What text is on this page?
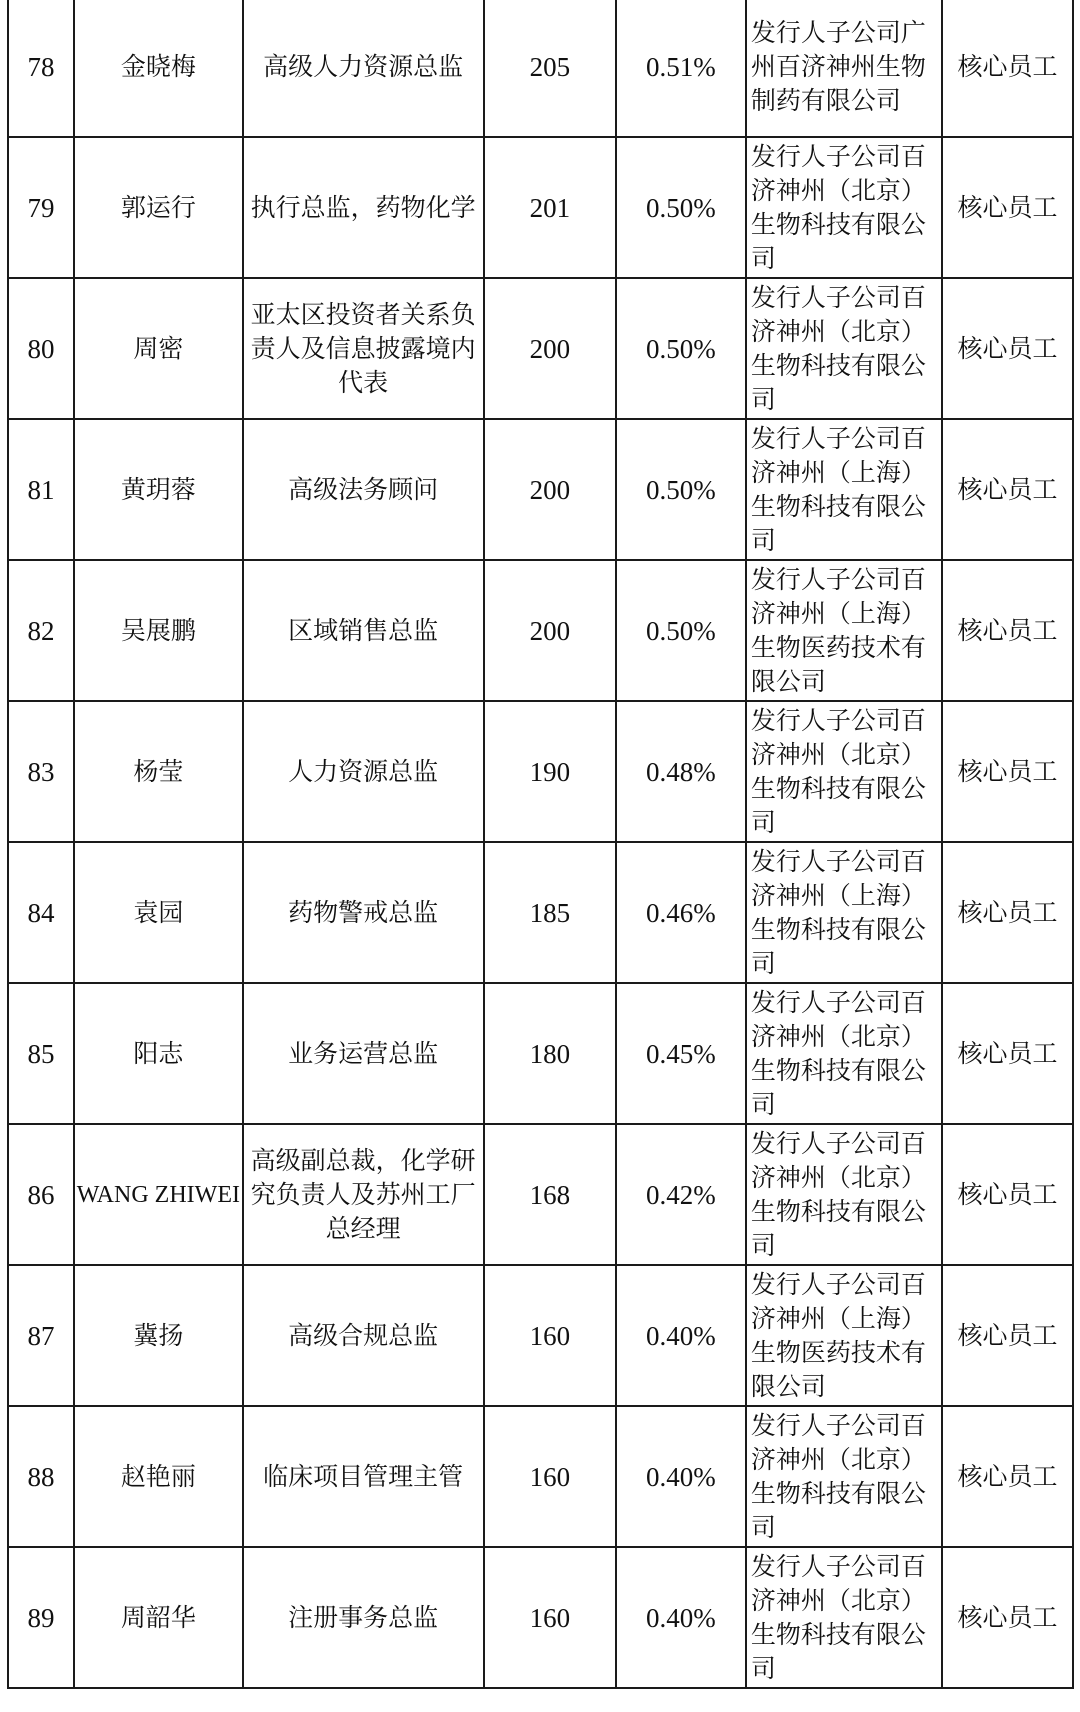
78	金晓梅	高级人力资源总监	205	0.51%	发行人子公司广州百济神州生物制药有限公司	核心员工
79	郭运行	执行总监，药物化学	201	0.50%	发行人子公司百济神州（北京）生物科技有限公司	核心员工
80	周密	亚太区投资者关系负责人及信息披露境内代表	200	0.50%	发行人子公司百济神州（北京）生物科技有限公司	核心员工
81	黄玥蓉	高级法务顾问	200	0.50%	发行人子公司百济神州（上海）生物科技有限公司	核心员工
82	吴展鹏	区域销售总监	200	0.50%	发行人子公司百济神州（上海）生物医药技术有限公司	核心员工
83	杨莹	人力资源总监	190	0.48%	发行人子公司百济神州（北京）生物科技有限公司	核心员工
84	袁园	药物警戒总监	185	0.46%	发行人子公司百济神州（上海）生物科技有限公司	核心员工
85	阳志	业务运营总监	180	0.45%	发行人子公司百济神州（北京）生物科技有限公司	核心员工
86	WANG ZHIWEI	高级副总裁，化学研究负责人及苏州工厂总经理	168	0.42%	发行人子公司百济神州（北京）生物科技有限公司	核心员工
87	冀扬	高级合规总监	160	0.40%	发行人子公司百济神州（上海）生物医药技术有限公司	核心员工
88	赵艳丽	临床项目管理主管	160	0.40%	发行人子公司百济神州（北京）生物科技有限公司	核心员工
89	周韶华	注册事务总监	160	0.40%	发行人子公司百济神州（北京）生物科技有限公司	核心员工
